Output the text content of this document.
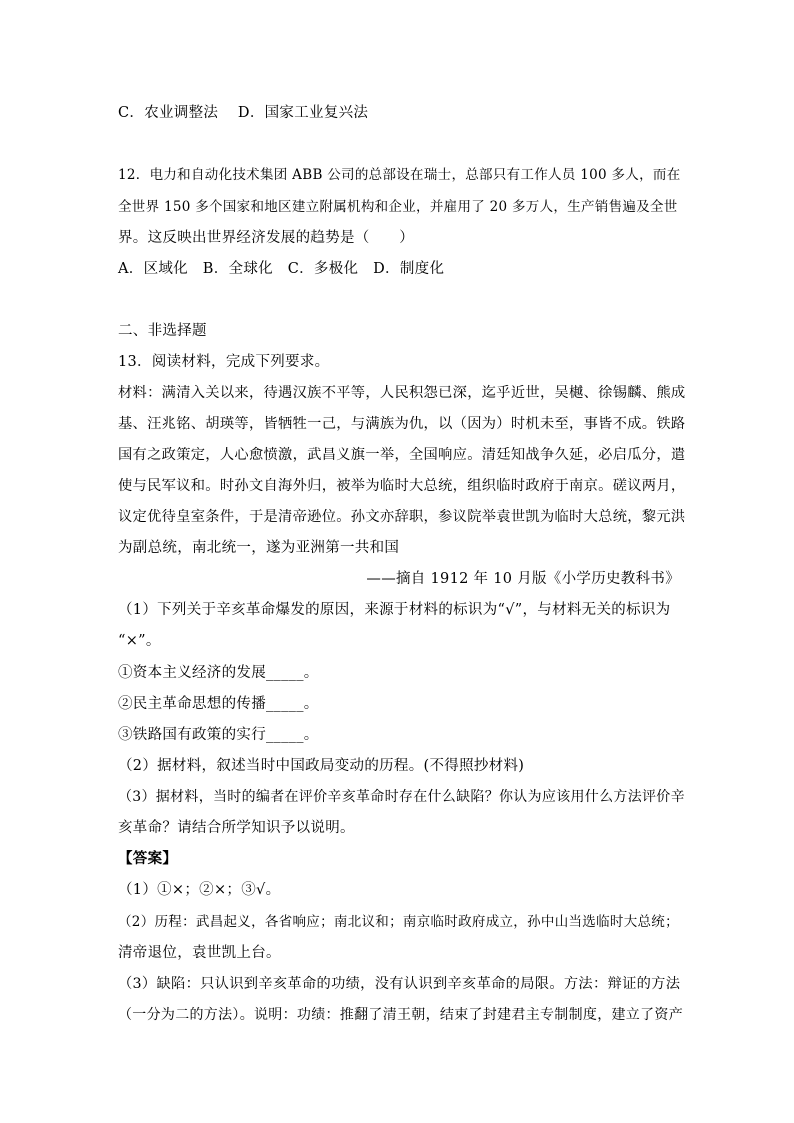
C．农业调整法　 D．国家工业复兴法
12．电力和自动化技术集团 ABB 公司的总部设在瑞士，总部只有工作人员 100 多人，而在
全世界 150 多个国家和地区建立附属机构和企业，并雇用了 20 多万人，生产销售遍及全世
界。这反映出世界经济发展的趋势是（　　）
A．区域化　B．全球化　C．多极化　D．制度化
二、非选择题
13．阅读材料，完成下列要求。
材料：满清入关以来，待遇汉族不平等，人民积怨已深，迄乎近世，吴樾、徐锡麟、熊成
基、汪兆铭、胡瑛等，皆牺牲一己，与满族为仇，以（因为）时机未至，事皆不成。铁路
国有之政策定，人心愈愤激，武昌义旗一举，全国响应。清廷知战争久延，必启瓜分，遣
使与民军议和。时孙文自海外归，被举为临时大总统，组织临时政府于南京。磋议两月，
议定优待皇室条件，于是清帝逊位。孙文亦辞职，参议院举袁世凯为临时大总统，黎元洪
为副总统，南北统一，遂为亚洲第一共和国
——摘自 1912 年 10 月版《小学历史教科书》
（1）下列关于辛亥革命爆发的原因，来源于材料的标识为“√”，与材料无关的标识为
“×”。
①资本主义经济的发展_____。
②民主革命思想的传播_____。
③铁路国有政策的实行_____。
（2）据材料，叙述当时中国政局变动的历程。(不得照抄材料)
（3）据材料，当时的编者在评价辛亥革命时存在什么缺陷？你认为应该用什么方法评价辛
亥革命？请结合所学知识予以说明。
【答案】
（1）①×；②×；③√。
（2）历程：武昌起义，各省响应；南北议和；南京临时政府成立，孙中山当选临时大总统；
清帝退位，袁世凯上台。
（3）缺陷：只认识到辛亥革命的功绩，没有认识到辛亥革命的局限。方法：辩证的方法
（一分为二的方法）。说明：功绩：推翻了清王朝，结束了封建君主专制制度，建立了资产
